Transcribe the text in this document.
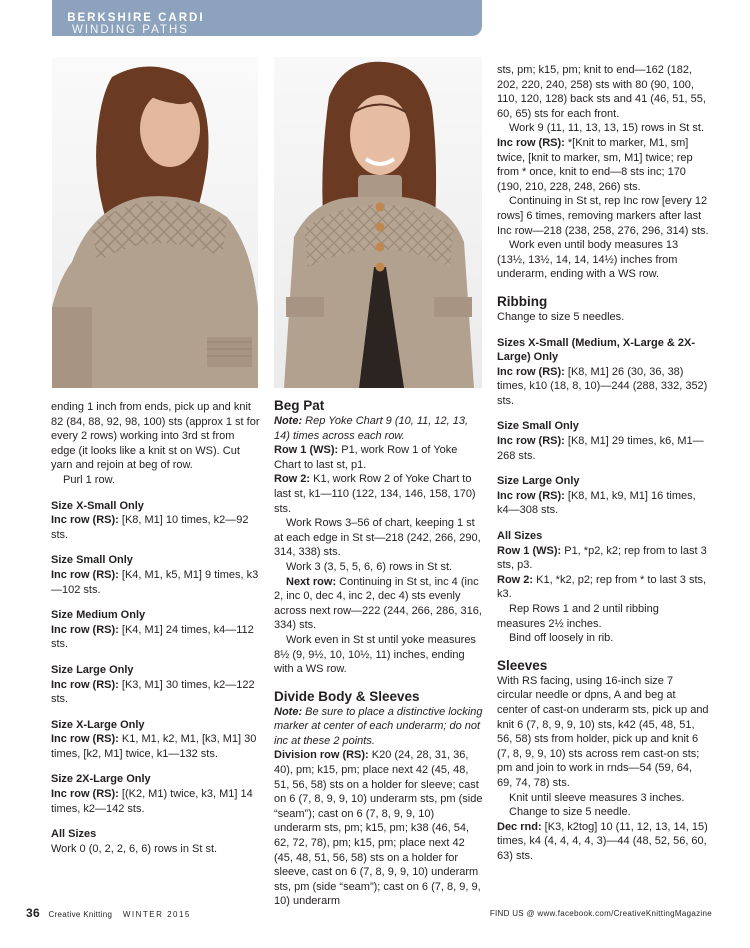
WINDING PATHS
BERKSHIRE CARDI

ending 1 inch from ends, pick up and knit 82 (84, 88, 92, 98, 100) sts (approx 1 st for every 2 rows) working into 3rd st from edge (it looks like a knit st on WS). Cut yarn and rejoin at beg of row.

Purl 1 row.

Size X-Small Only

Inc row (RS): [K8, M1] 10 times, k2—92 sts.

Size Small Only

Inc row (RS): [K4, M1, k5, M1] 9 times, k3—102 sts.

Size Medium Only

Inc row (RS): [K4, M1] 24 times, k4—112 sts.

Size Large Only

Inc row (RS): [K3, M1] 30 times, k2—122 sts.

Size X-Large Only

Inc row (RS): K1, M1, k2, M1, [k3, M1] 30 times, [k2, M1] twice, k1—132 sts.

Size 2X-Large Only

Inc row (RS): [(K2, M1) twice, k3, M1] 14 times, k2—142 sts.

All Sizes

Work 0 (0, 2, 2, 6, 6) rows in St st.

Beg Pat

Note: Rep Yoke Chart 9 (10, 11, 12, 13, 14) times across each row.

Row 1 (WS): P1, work Row 1 of Yoke Chart to last st, p1.

Row 2: K1, work Row 2 of Yoke Chart to last st, k1—110 (122, 134, 146, 158, 170) sts.

Work Rows 3–56 of chart, keeping 1 st at each edge in St st—218 (242, 266, 290, 314, 338) sts.

Work 3 (3, 5, 5, 6, 6) rows in St st.

Next row: Continuing in St st, inc 4 (inc 2, inc 0, dec 4, inc 2, dec 4) sts evenly across next row—222 (244, 266, 286, 316, 334) sts.

Work even in St st until yoke measures 8½ (9, 9½, 10, 10½, 11) inches, ending with a WS row.

Divide Body & Sleeves

Note: Be sure to place a distinctive locking marker at center of each underarm; do not inc at these 2 points.

Division row (RS): K20 (24, 28, 31, 36, 40), pm; k15, pm; place next 42 (45, 48, 51, 56, 58) sts on a holder for sleeve; cast on 6 (7, 8, 9, 9, 10) underarm sts, pm (side “seam”); cast on 6 (7, 8, 9, 9, 10) underarm sts, pm; k15, pm; k38 (46, 54, 62, 72, 78), pm; k15, pm; place next 42 (45, 48, 51, 56, 58) sts on a holder for sleeve, cast on 6 (7, 8, 9, 9, 10) underarm sts, pm (side “seam”); cast on 6 (7, 8, 9, 9, 10) underarm

sts, pm; k15, pm; knit to end—162 (182, 202, 220, 240, 258) sts with 80 (90, 100, 110, 120, 128) back sts and 41 (46, 51, 55, 60, 65) sts for each front.

Work 9 (11, 11, 13, 13, 15) rows in St st.

Inc row (RS): *[Knit to marker, M1, sm] twice, [knit to marker, sm, M1] twice; rep from * once, knit to end—8 sts inc; 170 (190, 210, 228, 248, 266) sts.

Continuing in St st, rep Inc row [every 12 rows] 6 times, removing markers after last Inc row—218 (238, 258, 276, 296, 314) sts.

Work even until body measures 13 (13½, 13½, 14, 14, 14½) inches from underarm, ending with a WS row.

Ribbing

Change to size 5 needles.

Sizes X-Small (Medium, X-Large & 2X-Large) Only

Inc row (RS): [K8, M1] 26 (30, 36, 38) times, k10 (18, 8, 10)—244 (288, 332, 352) sts.

Size Small Only

Inc row (RS): [K8, M1] 29 times, k6, M1—268 sts.

Size Large Only

Inc row (RS): [K8, M1, k9, M1] 16 times, k4—308 sts.

All Sizes

Row 1 (WS): P1, *p2, k2; rep from to last 3 sts, p3.

Row 2: K1, *k2, p2; rep from * to last 3 sts, k3.

Rep Rows 1 and 2 until ribbing measures 2½ inches.

Bind off loosely in rib.

Sleeves

With RS facing, using 16-inch size 7 circular needle or dpns, A and beg at center of cast-on underarm sts, pick up and knit 6 (7, 8, 9, 9, 10) sts, k42 (45, 48, 51, 56, 58) sts from holder, pick up and knit 6 (7, 8, 9, 9, 10) sts across rem cast-on sts; pm and join to work in rnds—54 (59, 64, 69, 74, 78) sts.

Knit until sleeve measures 3 inches.

Change to size 5 needle.

Dec rnd: [K3, k2tog] 10 (11, 12, 13, 14, 15) times, k4 (4, 4, 4, 4, 3)—44 (48, 52, 56, 60, 63) sts.

36 Creative Knitting WINTER 2015	FIND US @ www.facebook.com/CreativeKnittingMagazine
